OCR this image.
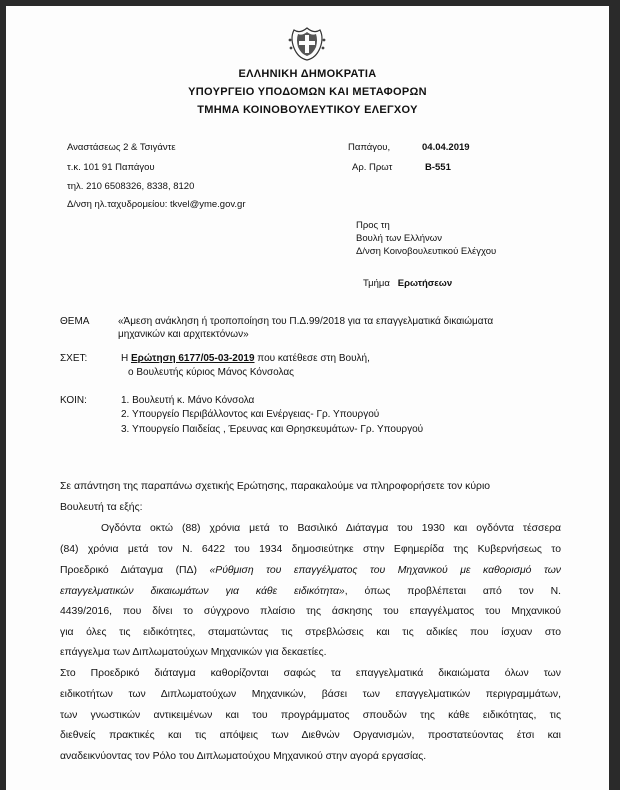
ΕΛΛΗΝΙΚΗ ΔΗΜΟΚΡΑΤΙΑ
ΥΠΟΥΡΓΕΙΟ ΥΠΟΔΟΜΩΝ ΚΑΙ ΜΕΤΑΦΟΡΩΝ
ΤΜΗΜΑ ΚΟΙΝΟΒΟΥΛΕΥΤΙΚΟΥ ΕΛΕΓΧΟΥ
Αναστάσεως 2 & Τσιγάντε
τ.κ. 101 91 Παπάγου
τηλ. 210 6508326, 8338, 8120
Δ/νση ηλ.ταχυδρομείου: tkvel@yme.gov.gr
Παπάγου,	04.04.2019
Αρ. Πρωτ	Β-551
Προς τη
Βουλή των Ελλήνων
Δ/νση Κοινοβουλευτικού Ελέγχου
Τμήμα Ερωτήσεων
ΘΕΜΑ	«Άμεση ανάκληση ή τροποποίηση του Π.Δ.99/2018 για τα επαγγελματικά δικαιώματα
μηχανικών και αρχιτεκτόνων»
ΣΧΕΤ:	Η Ερώτηση 6177/05-03-2019 που κατέθεσε στη Βουλή,
ο Βουλευτής κύριος Μάνος Κόνσολας
ΚΟΙΝ:	1. Βουλευτή κ. Μάνο Κόνσολα
2. Υπουργείο Περιβάλλοντος και Ενέργειας- Γρ. Υπουργού
3. Υπουργείο Παιδείας , Έρευνας και Θρησκευμάτων- Γρ. Υπουργού
Σε απάντηση της παραπάνω σχετικής Ερώτησης, παρακαλούμε να πληροφορήσετε τον κύριο
Βουλευτή τα εξής:
Ογδόντα οκτώ (88) χρόνια μετά το Βασιλικό Διάταγμα του 1930 και ογδόντα τέσσερα
(84) χρόνια μετά τον Ν. 6422 του 1934 δημοσιεύτηκε στην Εφημερίδα της Κυβερνήσεως το
Προεδρικό Διάταγμα (ΠΔ) «Ρύθμιση του επαγγέλματος του Μηχανικού με καθορισμό των
επαγγελματικών δικαιωμάτων για κάθε ειδικότητα», όπως προβλέπεται από τον Ν.
4439/2016, που δίνει το σύγχρονο πλαίσιο της άσκησης του επαγγέλματος του Μηχανικού
για όλες τις ειδικότητες, σταματώντας τις στρεβλώσεις και τις αδικίες που ίσχυαν στο
επάγγελμα των Διπλωματούχων Μηχανικών για δεκαετίες.
Στο Προεδρικό διάταγμα καθορίζονται σαφώς τα επαγγελματικά δικαιώματα όλων των
ειδικοτήτων των Διπλωματούχων Μηχανικών, βάσει των επαγγελματικών περιγραμμάτων,
των γνωστικών αντικειμένων και του προγράμματος σπουδών της κάθε ειδικότητας, τις
διεθνείς πρακτικές και τις απόψεις των Διεθνών Οργανισμών, προστατεύοντας έτσι και
αναδεικνύοντας τον Ρόλο του Διπλωματούχου Μηχανικού στην αγορά εργασίας.
